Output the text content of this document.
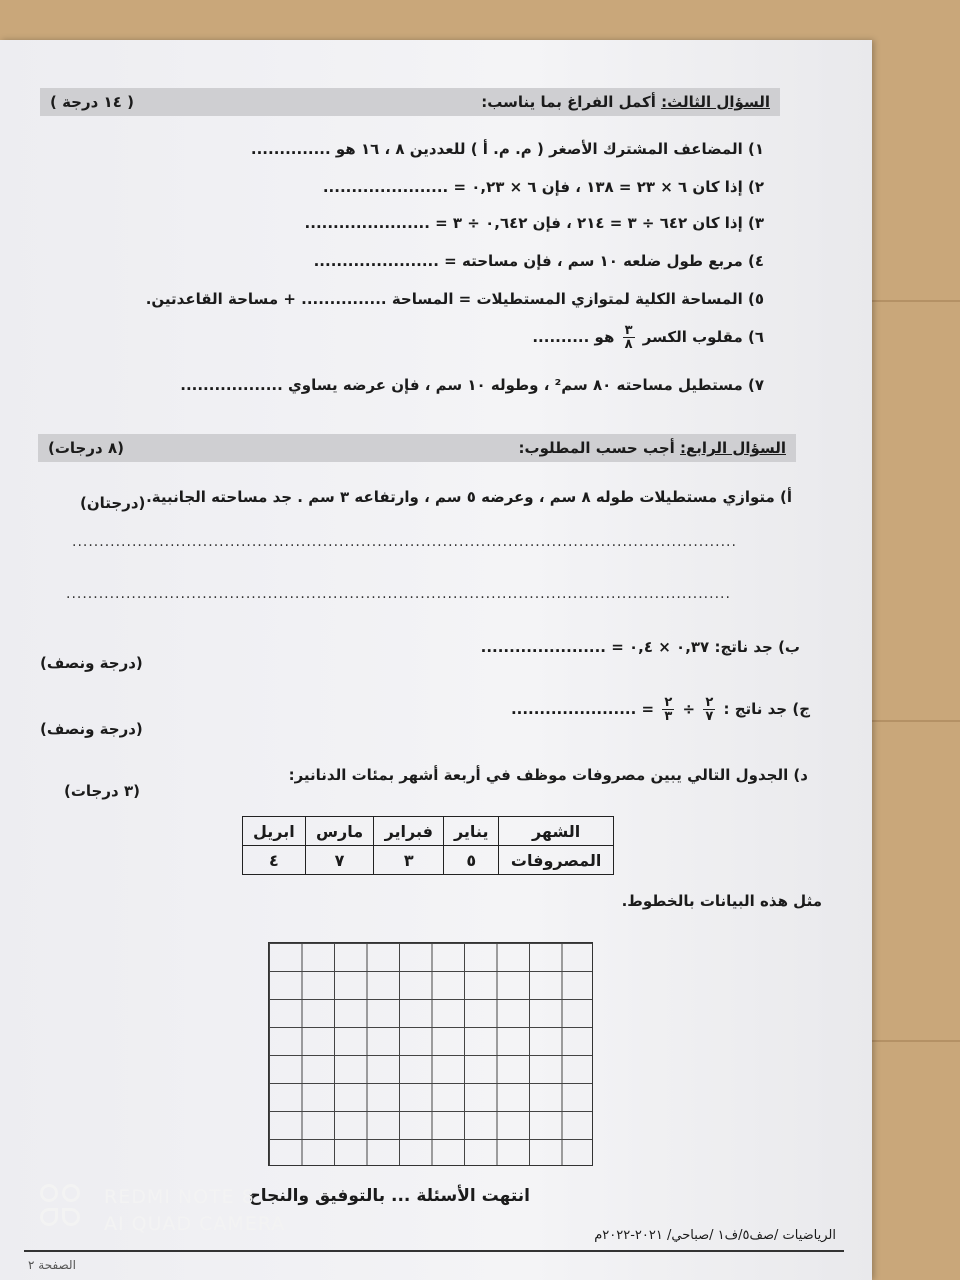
السؤال الثالث: أكمل الفراغ بما يناسب:
( ١٤ درجة )
١) المضاعف المشترك الأصغر ( م. م. أ ) للعددين ٨ ، ١٦ هو ..............
٢) إذا كان ٦ × ٢٣ = ١٣٨ ، فإن ٦ × ٠,٢٣ = ......................
٣) إذا كان ٦٤٢ ÷ ٣ = ٢١٤ ، فإن ٠,٦٤٢ ÷ ٣ = ......................
٤) مربع طول ضلعه ١٠ سم ، فإن مساحته = ......................
٥) المساحة الكلية لمتوازي المستطيلات = المساحة ............... + مساحة القاعدتين.
٦) مقلوب الكسر
$\frac{٣}{٨}$
هو ..........
٧) مستطيل مساحته ٨٠ سم² ، وطوله ١٠ سم ، فإن عرضه يساوي ..................
السؤال الرابع: أجب حسب المطلوب:
(٨ درجات)
أ) متوازي مستطيلات طوله ٨ سم ، وعرضه ٥ سم ، وارتفاعه ٣ سم . جد مساحته الجانبية.
(درجتان)
..........................................................................................................................
..........................................................................................................................
ب) جد ناتج: ٠,٣٧ × ٠,٤ = ......................
(درجة ونصف)
ج) جد ناتج :
$\frac{٢}{٧}$
÷
$\frac{٢}{٣}$
= ......................
(درجة ونصف)
د) الجدول التالي يبين مصروفات موظف في أربعة أشهر بمئات الدنانير:
(٣ درجات)
الشهر	يناير	فبراير	مارس	ابريل
المصروفات	٥	٣	٧	٤
مثل هذه البيانات بالخطوط.
انتهت الأسئلة ... بالتوفيق والنجاح
الرياضيات /صف٥/ف١ /صباحي/ ٢٠٢١-٢٠٢٢م
الصفحة ٢
REDMI NOTE 8
AI QUAD CAMERA
